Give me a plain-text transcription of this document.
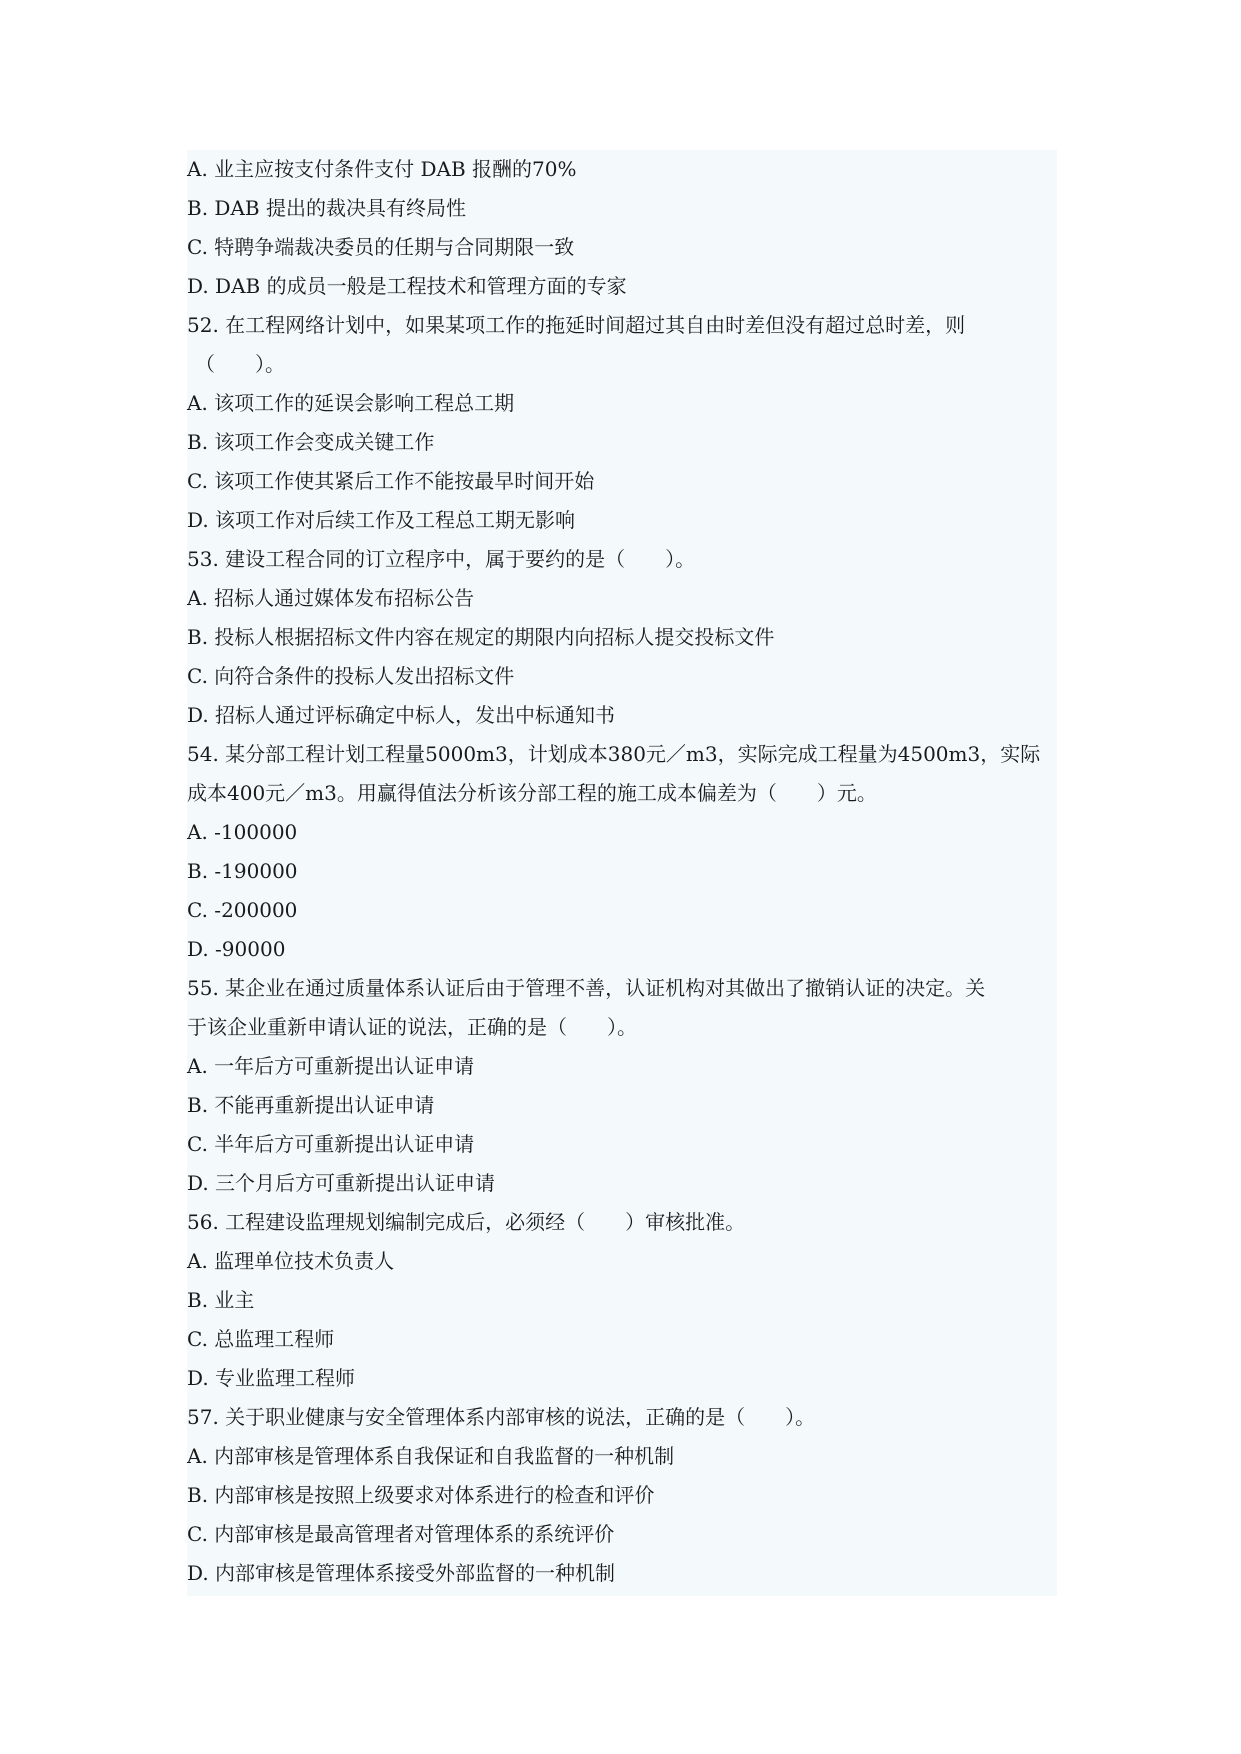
A. 业主应按支付条件支付 DAB 报酬的70%
B. DAB 提出的裁决具有终局性
C. 特聘争端裁决委员的任期与合同期限一致
D. DAB 的成员一般是工程技术和管理方面的专家
52. 在工程网络计划中，如果某项工作的拖延时间超过其自由时差但没有超过总时差，则
（　　）。
A. 该项工作的延误会影响工程总工期
B. 该项工作会变成关键工作
C. 该项工作使其紧后工作不能按最早时间开始
D. 该项工作对后续工作及工程总工期无影响
53. 建设工程合同的订立程序中，属于要约的是（　　）。
A. 招标人通过媒体发布招标公告
B. 投标人根据招标文件内容在规定的期限内向招标人提交投标文件
C. 向符合条件的投标人发出招标文件
D. 招标人通过评标确定中标人，发出中标通知书
54. 某分部工程计划工程量5000m3，计划成本380元／m3，实际完成工程量为4500m3，实际
成本400元／m3。用赢得值法分析该分部工程的施工成本偏差为（　　）元。
A. -100000
B. -190000
C. -200000
D. -90000
55. 某企业在通过质量体系认证后由于管理不善，认证机构对其做出了撤销认证的决定。关
于该企业重新申请认证的说法，正确的是（　　）。
A. 一年后方可重新提出认证申请
B. 不能再重新提出认证申请
C. 半年后方可重新提出认证申请
D. 三个月后方可重新提出认证申请
56. 工程建设监理规划编制完成后，必须经（　　）审核批准。
A. 监理单位技术负责人
B. 业主
C. 总监理工程师
D. 专业监理工程师
57. 关于职业健康与安全管理体系内部审核的说法，正确的是（　　）。
A. 内部审核是管理体系自我保证和自我监督的一种机制
B. 内部审核是按照上级要求对体系进行的检查和评价
C. 内部审核是最高管理者对管理体系的系统评价
D. 内部审核是管理体系接受外部监督的一种机制
